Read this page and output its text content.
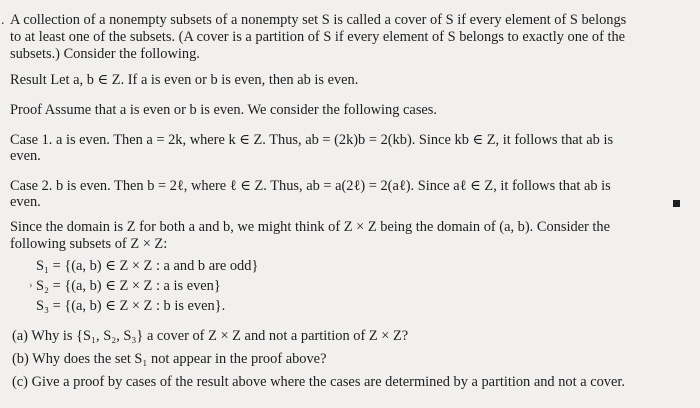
. A collection of a nonempty subsets of a nonempty set S is called a cover of S if every element of S belongs
to at least one of the subsets. (A cover is a partition of S if every element of S belongs to exactly one of the
subsets.) Consider the following.
Result Let a, b ∈ Z. If a is even or b is even, then ab is even.
Proof Assume that a is even or b is even. We consider the following cases.
Case 1. a is even. Then a = 2k, where k ∈ Z. Thus, ab = (2k)b = 2(kb). Since kb ∈ Z, it follows that ab is
even.
Case 2. b is even. Then b = 2ℓ, where ℓ ∈ Z. Thus, ab = a(2ℓ) = 2(aℓ). Since aℓ ∈ Z, it follows that ab is
even.
Since the domain is Z for both a and b, we might think of Z × Z being the domain of (a, b). Consider the
following subsets of Z × Z:
S₁ = {(a, b) ∈ Z × Z : a and b are odd}
› S₂ = {(a, b) ∈ Z × Z : a is even}
S₃ = {(a, b) ∈ Z × Z : b is even}.
(a) Why is {S₁, S₂, S₃} a cover of Z × Z and not a partition of Z × Z?
(b) Why does the set S₁ not appear in the proof above?
(c) Give a proof by cases of the result above where the cases are determined by a partition and not a cover.
